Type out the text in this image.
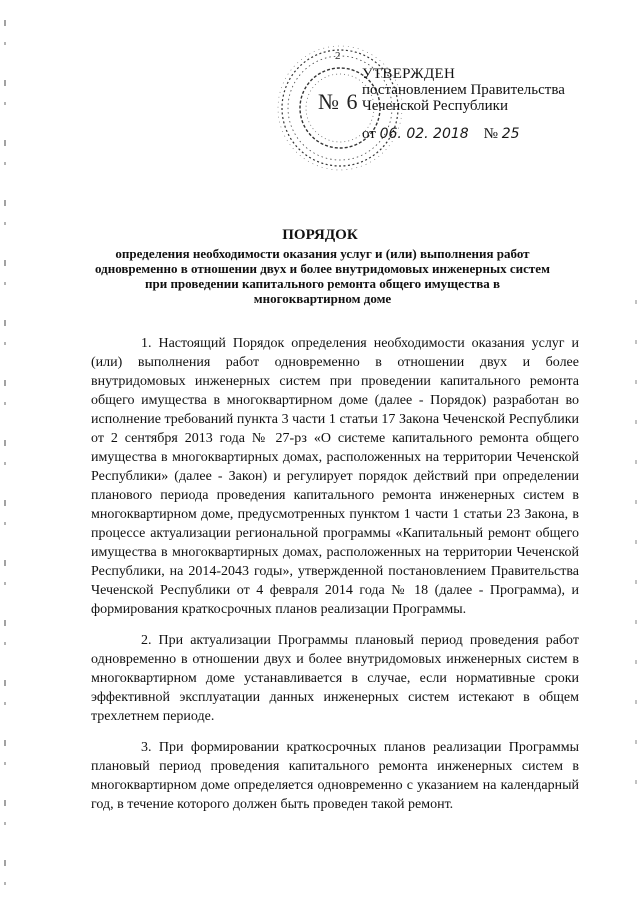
2
№ 6
УТВЕРЖДЕН
постановлением Правительства
Чеченской Республики
от 06. 02. 2018 № 25
ПОРЯДОК
определения необходимости оказания услуг и (или) выполнения работ одновременно в отношении двух и более внутридомовых инженерных систем при проведении капитального ремонта общего имущества в многоквартирном доме

1. Настоящий Порядок определения необходимости оказания услуг и (или) выполнения работ одновременно в отношении двух и более внутридомовых инженерных систем при проведении капитального ремонта общего имущества в многоквартирном доме (далее - Порядок) разработан во исполнение требований пункта 3 части 1 статьи 17 Закона Чеченской Республики от 2 сентября 2013 года № 27-рз «О системе капитального ремонта общего имущества в многоквартирных домах, расположенных на территории Чеченской Республики» (далее - Закон) и регулирует порядок действий при определении планового периода проведения капитального ремонта инженерных систем в многоквартирном доме, предусмотренных пунктом 1 части 1 статьи 23 Закона, в процессе актуализации региональной программы «Капитальный ремонт общего имущества в многоквартирных домах, расположенных на территории Чеченской Республики, на 2014-2043 годы», утвержденной постановлением Правительства Чеченской Республики от 4 февраля 2014 года № 18 (далее - Программа), и формирования краткосрочных планов реализации Программы.

2. При актуализации Программы плановый период проведения работ одновременно в отношении двух и более внутридомовых инженерных систем в многоквартирном доме устанавливается в случае, если нормативные сроки эффективной эксплуатации данных инженерных систем истекают в общем трехлетнем периоде.

3. При формировании краткосрочных планов реализации Программы плановый период проведения капитального ремонта инженерных систем в многоквартирном доме определяется одновременно с указанием на календарный год, в течение которого должен быть проведен такой ремонт.
